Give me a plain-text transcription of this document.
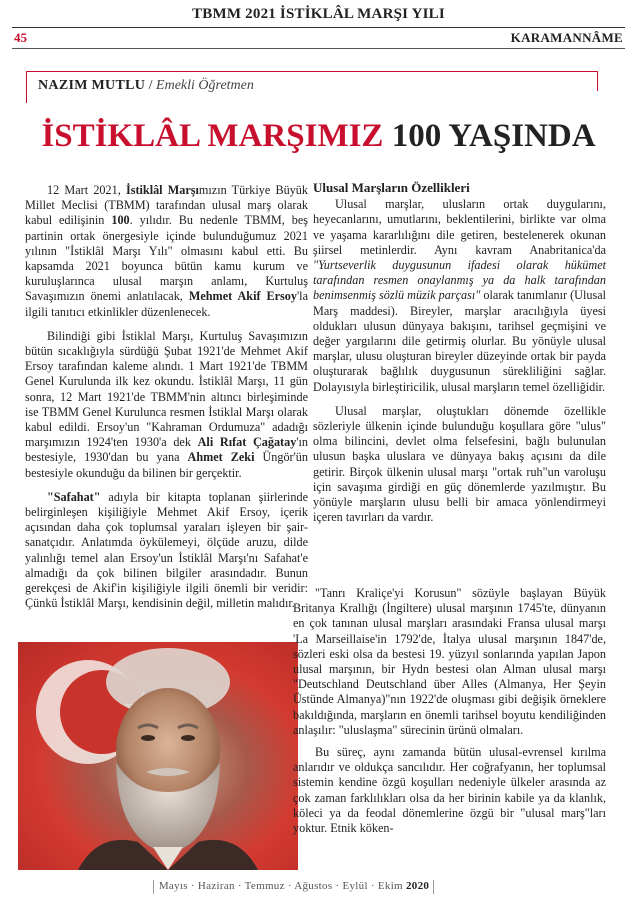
TBMM 2021 İSTİKLÂL MARŞI YILI
45	KARAMANNÂME
NAZIM MUTLU / Emekli Öğretmen
İSTİKLÂL MARŞIMIZ 100 YAŞINDA

12 Mart 2021, İstiklâl Marşımızın Türkiye Büyük Millet Meclisi (TBMM) tarafından ulusal marş olarak kabul edilişinin 100. yılıdır. Bu nedenle TBMM, beş partinin ortak önergesiyle içinde bulunduğumuz 2021 yılının "İstiklâl Marşı Yılı" olmasını kabul etti. Bu kapsamda 2021 boyunca bütün kamu kurum ve kuruluşlarınca ulusal marşın anlamı, Kurtuluş Savaşımızın önemi anlatılacak, Mehmet Akif Ersoy'la ilgili tanıtıcı etkinlikler düzenlenecek.

Bilindiği gibi İstiklal Marşı, Kurtuluş Savaşımızın bütün sıcaklığıyla sürdüğü Şubat 1921'de Mehmet Akif Ersoy tarafından kaleme alındı. 1 Mart 1921'de TBMM Genel Kurulunda ilk kez okundu. İstiklâl Marşı, 11 gün sonra, 12 Mart 1921'de TBMM'nin altıncı birleşiminde ise TBMM Genel Kurulunca resmen İstiklal Marşı olarak kabul edildi. Ersoy'un "Kahraman Ordumuza" adadığı marşımızın 1924'ten 1930'a dek Ali Rıfat Çağatay'ın bestesiyle, 1930'dan bu yana Ahmet Zeki Üngör'ün bestesiyle okunduğu da bilinen bir gerçektir.

"Safahat" adıyla bir kitapta toplanan şiirlerinde belirginleşen kişiliğiyle Mehmet Akif Ersoy, içerik açısından daha çok toplumsal yaraları işleyen bir şair-sanatçıdır. Anlatımda öykülemeyi, ölçüde aruzu, dilde yalınlığı temel alan Ersoy'un İstiklâl Marşı'nı Safahat'e almadığı da çok bilinen bilgiler arasındadır. Bunun gerekçesi de Akif'in kişiliğiyle ilgili önemli bir veridir: Çünkü İstiklâl Marşı, kendisinin değil, milletin malıdır.

Ulusal Marşların Özellikleri

Ulusal marşlar, ulusların ortak duygularını, heyecanlarını, umutlarını, beklentilerini, birlikte var olma ve yaşama kararlılığını dile getiren, bestelenerek okunan şiirsel metinlerdir. Aynı kavram Anabritanica'da "Yurtseverlik duygusunun ifadesi olarak hükümet tarafından resmen onaylanmış ya da halk tarafından benimsenmiş sözlü müzik parçası" olarak tanımlanır (Ulusal Marş maddesi). Bireyler, marşlar aracılığıyla üyesi oldukları ulusun dünyaya bakışını, tarihsel geçmişini ve değer yargılarını dile getirmiş olurlar. Bu yönüyle ulusal marşlar, ulusu oluşturan bireyler düzeyinde ortak bir payda oluşturarak bağlılık duygusunun sürekliliğini sağlar. Dolayısıyla birleştiricilik, ulusal marşların temel özelliğidir.

Ulusal marşlar, oluştukları dönemde özellikle sözleriyle ülkenin içinde bulunduğu koşullara göre "ulus" olma bilincini, devlet olma felsefesini, bağlı bulunulan ulusun başka uluslara ve dünyaya bakış açısını da dile getirir. Birçok ülkenin ulusal marşı "ortak ruh"un varoluşu için savaşıma girdiği en güç dönemlerde yazılmıştır. Bu yönüyle marşların ulusu belli bir amaca yönlendirmeyi içeren tavırları da vardır.

"Tanrı Kraliçe'yi Korusun" sözüyle başlayan Büyük Britanya Krallığı (İngiltere) ulusal marşının 1745'te, dünyanın en çok tanınan ulusal marşları arasındaki Fransa ulusal marşı 'La Marseillaise'in 1792'de, İtalya ulusal marşının 1847'de, sözleri eski olsa da bestesi 19. yüzyıl sonlarında yapılan Japon ulusal marşının, bir Hydn bestesi olan Alman ulusal marşı "Deutschland Deutschland über Alles (Almanya, Her Şeyin Üstünde Almanya)"nın 1922'de oluşması gibi değişik örneklere bakıldığında, marşların en önemli tarihsel boyutu kendiliğinden anlaşılır: "uluslaşma" sürecinin ürünü olmaları.

Bu süreç, aynı zamanda bütün ulusal-evrensel kırılma anlarıdır ve oldukça sancılıdır. Her coğrafyanın, her toplumsal sistemin kendine özgü koşulları nedeniyle ülkeler arasında az çok zaman farklılıkları olsa da her birinin kabile ya da klanlık, köleci ya da feodal dönemlerine özgü bir "ulusal marş"ları yoktur. Etnik köken-

Mayıs · Haziran · Temmuz · Ağustos · Eylül · Ekim 2020
